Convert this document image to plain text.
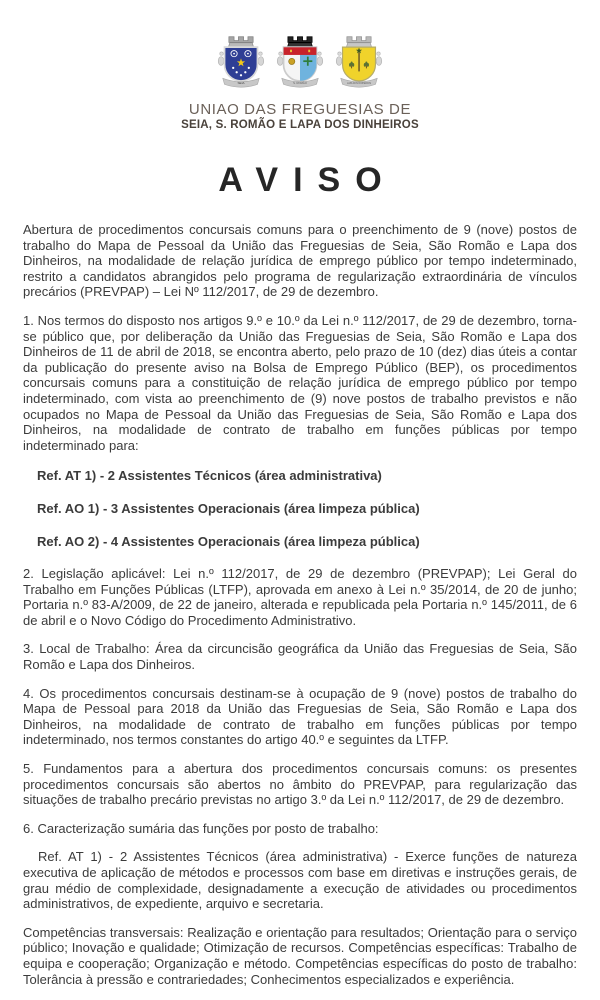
SEIA	S. ROMÃO	LAPA DOS DINHEIROS
UNIAO DAS FREGUESIAS DE
SEIA, S. ROMÃO E LAPA DOS DINHEIROS
AVISO

Abertura de procedimentos concursais comuns para o preenchimento de 9 (nove) postos de trabalho do Mapa de Pessoal da União das Freguesias de Seia, São Romão e Lapa dos Dinheiros, na modalidade de relação jurídica de emprego público por tempo indeterminado, restrito a candidatos abrangidos pelo programa de regularização extraordinária de vínculos precários (PREVPAP) – Lei Nº 112/2017, de 29 de dezembro.

1. Nos termos do disposto nos artigos 9.º e 10.º da Lei n.º 112/2017, de 29 de dezembro, torna-se público que, por deliberação da União das Freguesias de Seia, São Romão e Lapa dos Dinheiros de 11 de abril de 2018, se encontra aberto, pelo prazo de 10 (dez) dias úteis a contar da publicação do presente aviso na Bolsa de Emprego Público (BEP), os procedimentos concursais comuns para a constituição de relação jurídica de emprego público por tempo indeterminado, com vista ao preenchimento de (9) nove postos de trabalho previstos e não ocupados no Mapa de Pessoal da União das Freguesias de Seia, São Romão e Lapa dos Dinheiros, na modalidade de contrato de trabalho em funções públicas por tempo indeterminado para:

Ref. AT 1) - 2 Assistentes Técnicos (área administrativa)

Ref. AO 1) - 3 Assistentes Operacionais (área limpeza pública)

Ref. AO 2) - 4 Assistentes Operacionais (área limpeza pública)

2. Legislação aplicável: Lei n.º 112/2017, de 29 de dezembro (PREVPAP); Lei Geral do Trabalho em Funções Públicas (LTFP), aprovada em anexo à Lei n.º 35/2014, de 20 de junho; Portaria n.º 83-A/2009, de 22 de janeiro, alterada e republicada pela Portaria n.º 145/2011, de 6 de abril e o Novo Código do Procedimento Administrativo.

3. Local de Trabalho: Área da circuncisão geográfica da União das Freguesias de Seia, São Romão e Lapa dos Dinheiros.

4. Os procedimentos concursais destinam-se à ocupação de 9 (nove) postos de trabalho do Mapa de Pessoal para 2018 da União das Freguesias de Seia, São Romão e Lapa dos Dinheiros, na modalidade de contrato de trabalho em funções públicas por tempo indeterminado, nos termos constantes do artigo 40.º e seguintes da LTFP.

5. Fundamentos para a abertura dos procedimentos concursais comuns: os presentes procedimentos concursais são abertos no âmbito do PREVPAP, para regularização das situações de trabalho precário previstas no artigo 3.º da Lei n.º 112/2017, de 29 de dezembro.

6. Caracterização sumária das funções por posto de trabalho:

Ref. AT 1) - 2 Assistentes Técnicos (área administrativa) - Exerce funções de natureza executiva de aplicação de métodos e processos com base em diretivas e instruções gerais, de grau médio de complexidade, designadamente a execução de atividades ou procedimentos administrativos, de expediente, arquivo e secretaria.

Competências transversais: Realização e orientação para resultados; Orientação para o serviço público; Inovação e qualidade; Otimização de recursos. Competências específicas: Trabalho de equipa e cooperação; Organização e método. Competências específicas do posto de trabalho: Tolerância à pressão e contrariedades; Conhecimentos especializados e experiência.
